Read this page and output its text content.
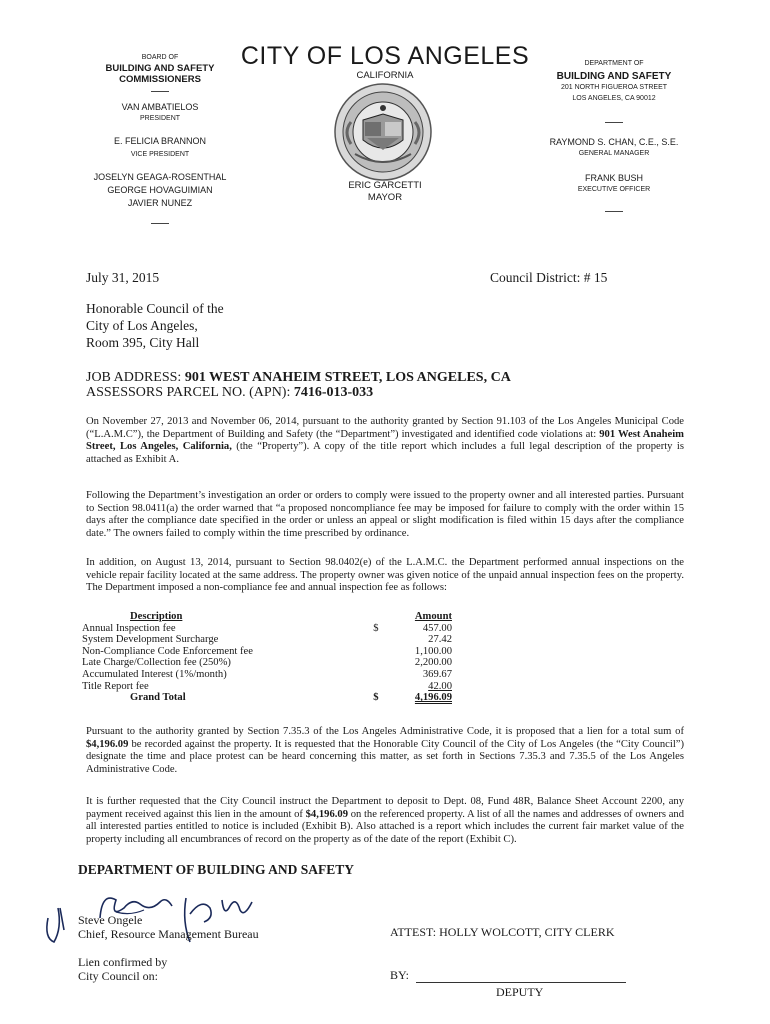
BOARD OF
BUILDING AND SAFETY
COMMISSIONERS
VAN AMBATIELOS
PRESIDENT
E. FELICIA BRANNON
VICE PRESIDENT
JOSELYN GEAGA-ROSENTHAL
GEORGE HOVAGUIMIAN
JAVIER NUNEZ
CITY OF LOS ANGELES
CALIFORNIA
ERIC GARCETTI
MAYOR
DEPARTMENT OF
BUILDING AND SAFETY
201 NORTH FIGUEROA STREET
LOS ANGELES, CA 90012
RAYMOND S. CHAN, C.E., S.E.
GENERAL MANAGER
FRANK BUSH
EXECUTIVE OFFICER
July 31, 2015	Council District: # 15
Honorable Council of the
City of Los Angeles,
Room 395, City Hall
JOB ADDRESS: 901 WEST ANAHEIM STREET, LOS ANGELES, CA
ASSESSORS PARCEL NO. (APN): 7416-013-033
On November 27, 2013 and November 06, 2014, pursuant to the authority granted by Section 91.103 of the Los Angeles Municipal Code (“L.A.M.C”), the Department of Building and Safety (the “Department”) investigated and identified code violations at: 901 West Anaheim Street, Los Angeles, California, (the “Property”). A copy of the title report which includes a full legal description of the property is attached as Exhibit A.
Following the Department’s investigation an order or orders to comply were issued to the property owner and all interested parties. Pursuant to Section 98.0411(a) the order warned that “a proposed noncompliance fee may be imposed for failure to comply with the order within 15 days after the compliance date specified in the order or unless an appeal or slight modification is filed within 15 days after the compliance date.” The owners failed to comply within the time prescribed by ordinance.
In addition, on August 13, 2014, pursuant to Section 98.0402(e) of the L.A.M.C. the Department performed annual inspections on the vehicle repair facility located at the same address. The property owner was given notice of the unpaid annual inspection fees on the property. The Department imposed a non-compliance fee and annual inspection fee as follows:
Description		Amount
Annual Inspection fee	$	457.00
System Development Surcharge		27.42
Non-Compliance Code Enforcement fee		1,100.00
Late Charge/Collection fee (250%)		2,200.00
Accumulated Interest (1%/month)		369.67
Title Report fee		42.00
Grand Total	$	4,196.09
Pursuant to the authority granted by Section 7.35.3 of the Los Angeles Administrative Code, it is proposed that a lien for a total sum of $4,196.09 be recorded against the property. It is requested that the Honorable City Council of the City of Los Angeles (the “City Council”) designate the time and place protest can be heard concerning this matter, as set forth in Sections 7.35.3 and 7.35.5 of the Los Angeles Administrative Code.
It is further requested that the City Council instruct the Department to deposit to Dept. 08, Fund 48R, Balance Sheet Account 2200, any payment received against this lien in the amount of $4,196.09 on the referenced property. A list of all the names and addresses of owners and all interested parties entitled to notice is included (Exhibit B). Also attached is a report which includes the current fair market value of the property including all encumbrances of record on the property as of the date of the report (Exhibit C).
DEPARTMENT OF BUILDING AND SAFETY
Steve Ongele
Chief, Resource Management Bureau	ATTEST: HOLLY WOLCOTT, CITY CLERK
Lien confirmed by
City Council on:	BY:
DEPUTY
